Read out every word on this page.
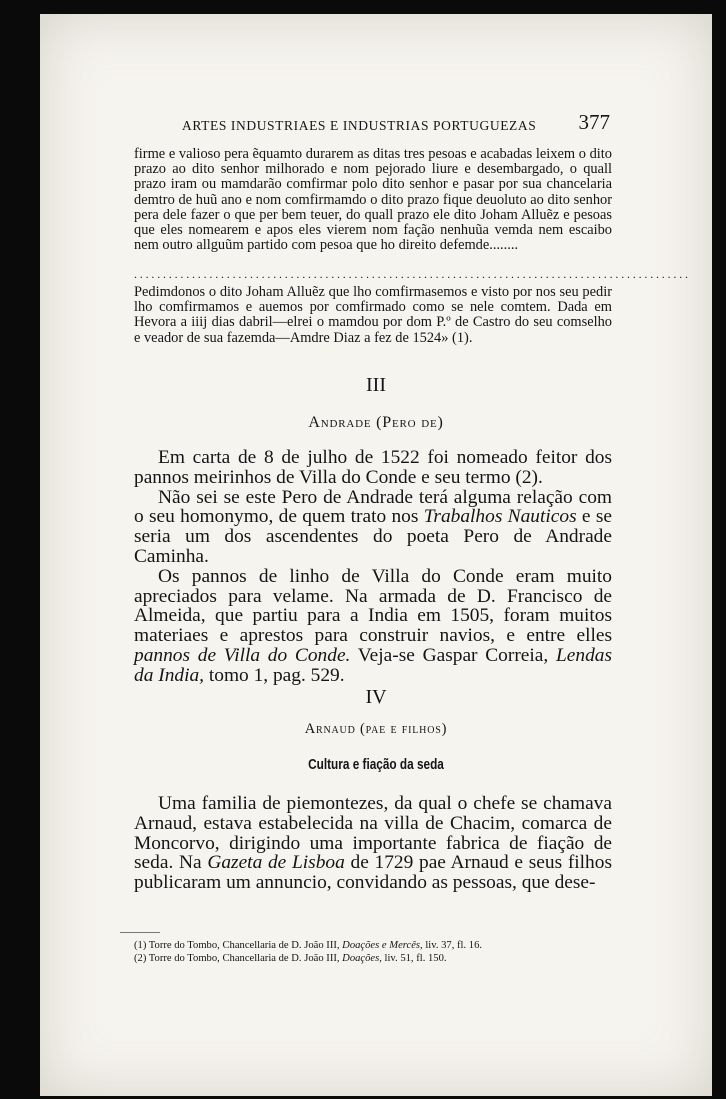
ARTES INDUSTRIAES E INDUSTRIAS PORTUGUEZAS 377

firme e valioso pera ẽquamto durarem as ditas tres pesoas e acabadas leixem o dito prazo ao dito senhor milhorado e nom pejorado liure e desembargado, o quall prazo iram ou mamdarão comfirmar polo dito senhor e pasar por sua chancelaria demtro de huũ ano e nom comfirmamdo o dito prazo fique deuoluto ao dito senhor pera dele fazer o que per bem teuer, do quall prazo ele dito Joham Alluẽz e pesoas que eles nomearem e apos eles vierem nom fação nenhuũa vemda nem escaibo nem outro allguũm partido com pesoa que ho direito defemde........

................................................................................................

Pedimdonos o dito Joham Alluẽz que lho comfirmasemos e visto por nos seu pedir lho comfirmamos e auemos por comfirmado como se nele comtem. Dada em Hevora a iiij dias dabril—elrei o mamdou por dom P.º de Castro do seu comselho e veador de sua fazemda—Amdre Diaz a fez de 1524» (1).

III
Andrade (Pero de)

Em carta de 8 de julho de 1522 foi nomeado feitor dos pannos meirinhos de Villa do Conde e seu termo (2).

Não sei se este Pero de Andrade terá alguma relação com o seu homonymo, de quem trato nos Trabalhos Nauticos e se seria um dos ascendentes do poeta Pero de Andrade Caminha.

Os pannos de linho de Villa do Conde eram muito apreciados para velame. Na armada de D. Francisco de Almeida, que partiu para a India em 1505, foram muitos materiaes e aprestos para construir navios, e entre elles pannos de Villa do Conde. Veja-se Gaspar Correia, Lendas da India, tomo 1, pag. 529.

IV
Arnaud (pae e filhos)
Cultura e fiação da seda

Uma familia de piemontezes, da qual o chefe se chamava Arnaud, estava estabelecida na villa de Chacim, comarca de Moncorvo, dirigindo uma importante fabrica de fiação de seda. Na Gazeta de Lisboa de 1729 pae Arnaud e seus filhos publicaram um annuncio, convidando as pessoas, que dese-

(1) Torre do Tombo, Chancellaria de D. João III, Doações e Mercês, liv. 37, fl. 16.

(2) Torre do Tombo, Chancellaria de D. João III, Doações, liv. 51, fl. 150.
